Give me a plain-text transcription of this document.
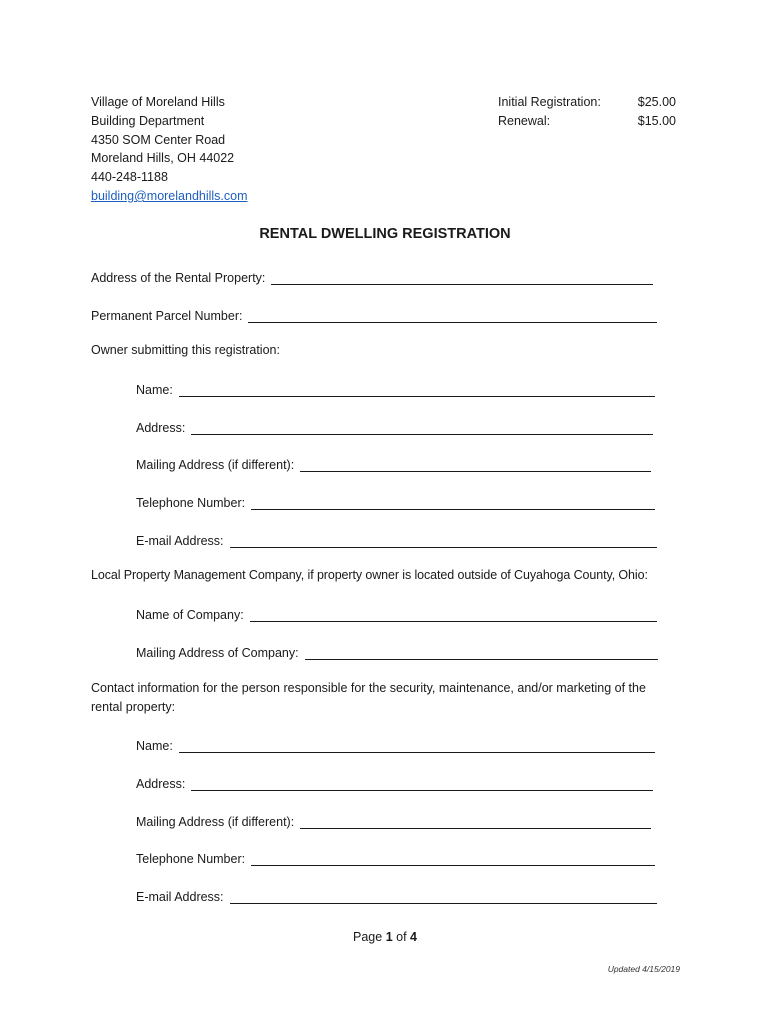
Village of Moreland Hills
Building Department
4350 SOM Center Road
Moreland Hills, OH 44022
440-248-1188
building@morelandhills.com
Initial Registration:	$25.00
Renewal:	$15.00
RENTAL DWELLING REGISTRATION
Address of the Rental Property:
Permanent Parcel Number:
Owner submitting this registration:
Name:
Address:
Mailing Address (if different):
Telephone Number:
E-mail Address:
Local Property Management Company, if property owner is located outside of Cuyahoga County, Ohio:
Name of Company:
Mailing Address of Company:
Contact information for the person responsible for the security, maintenance, and/or marketing of the rental property:
Name:
Address:
Mailing Address (if different):
Telephone Number:
E-mail Address:
Page 1 of 4
Updated 4/15/2019
